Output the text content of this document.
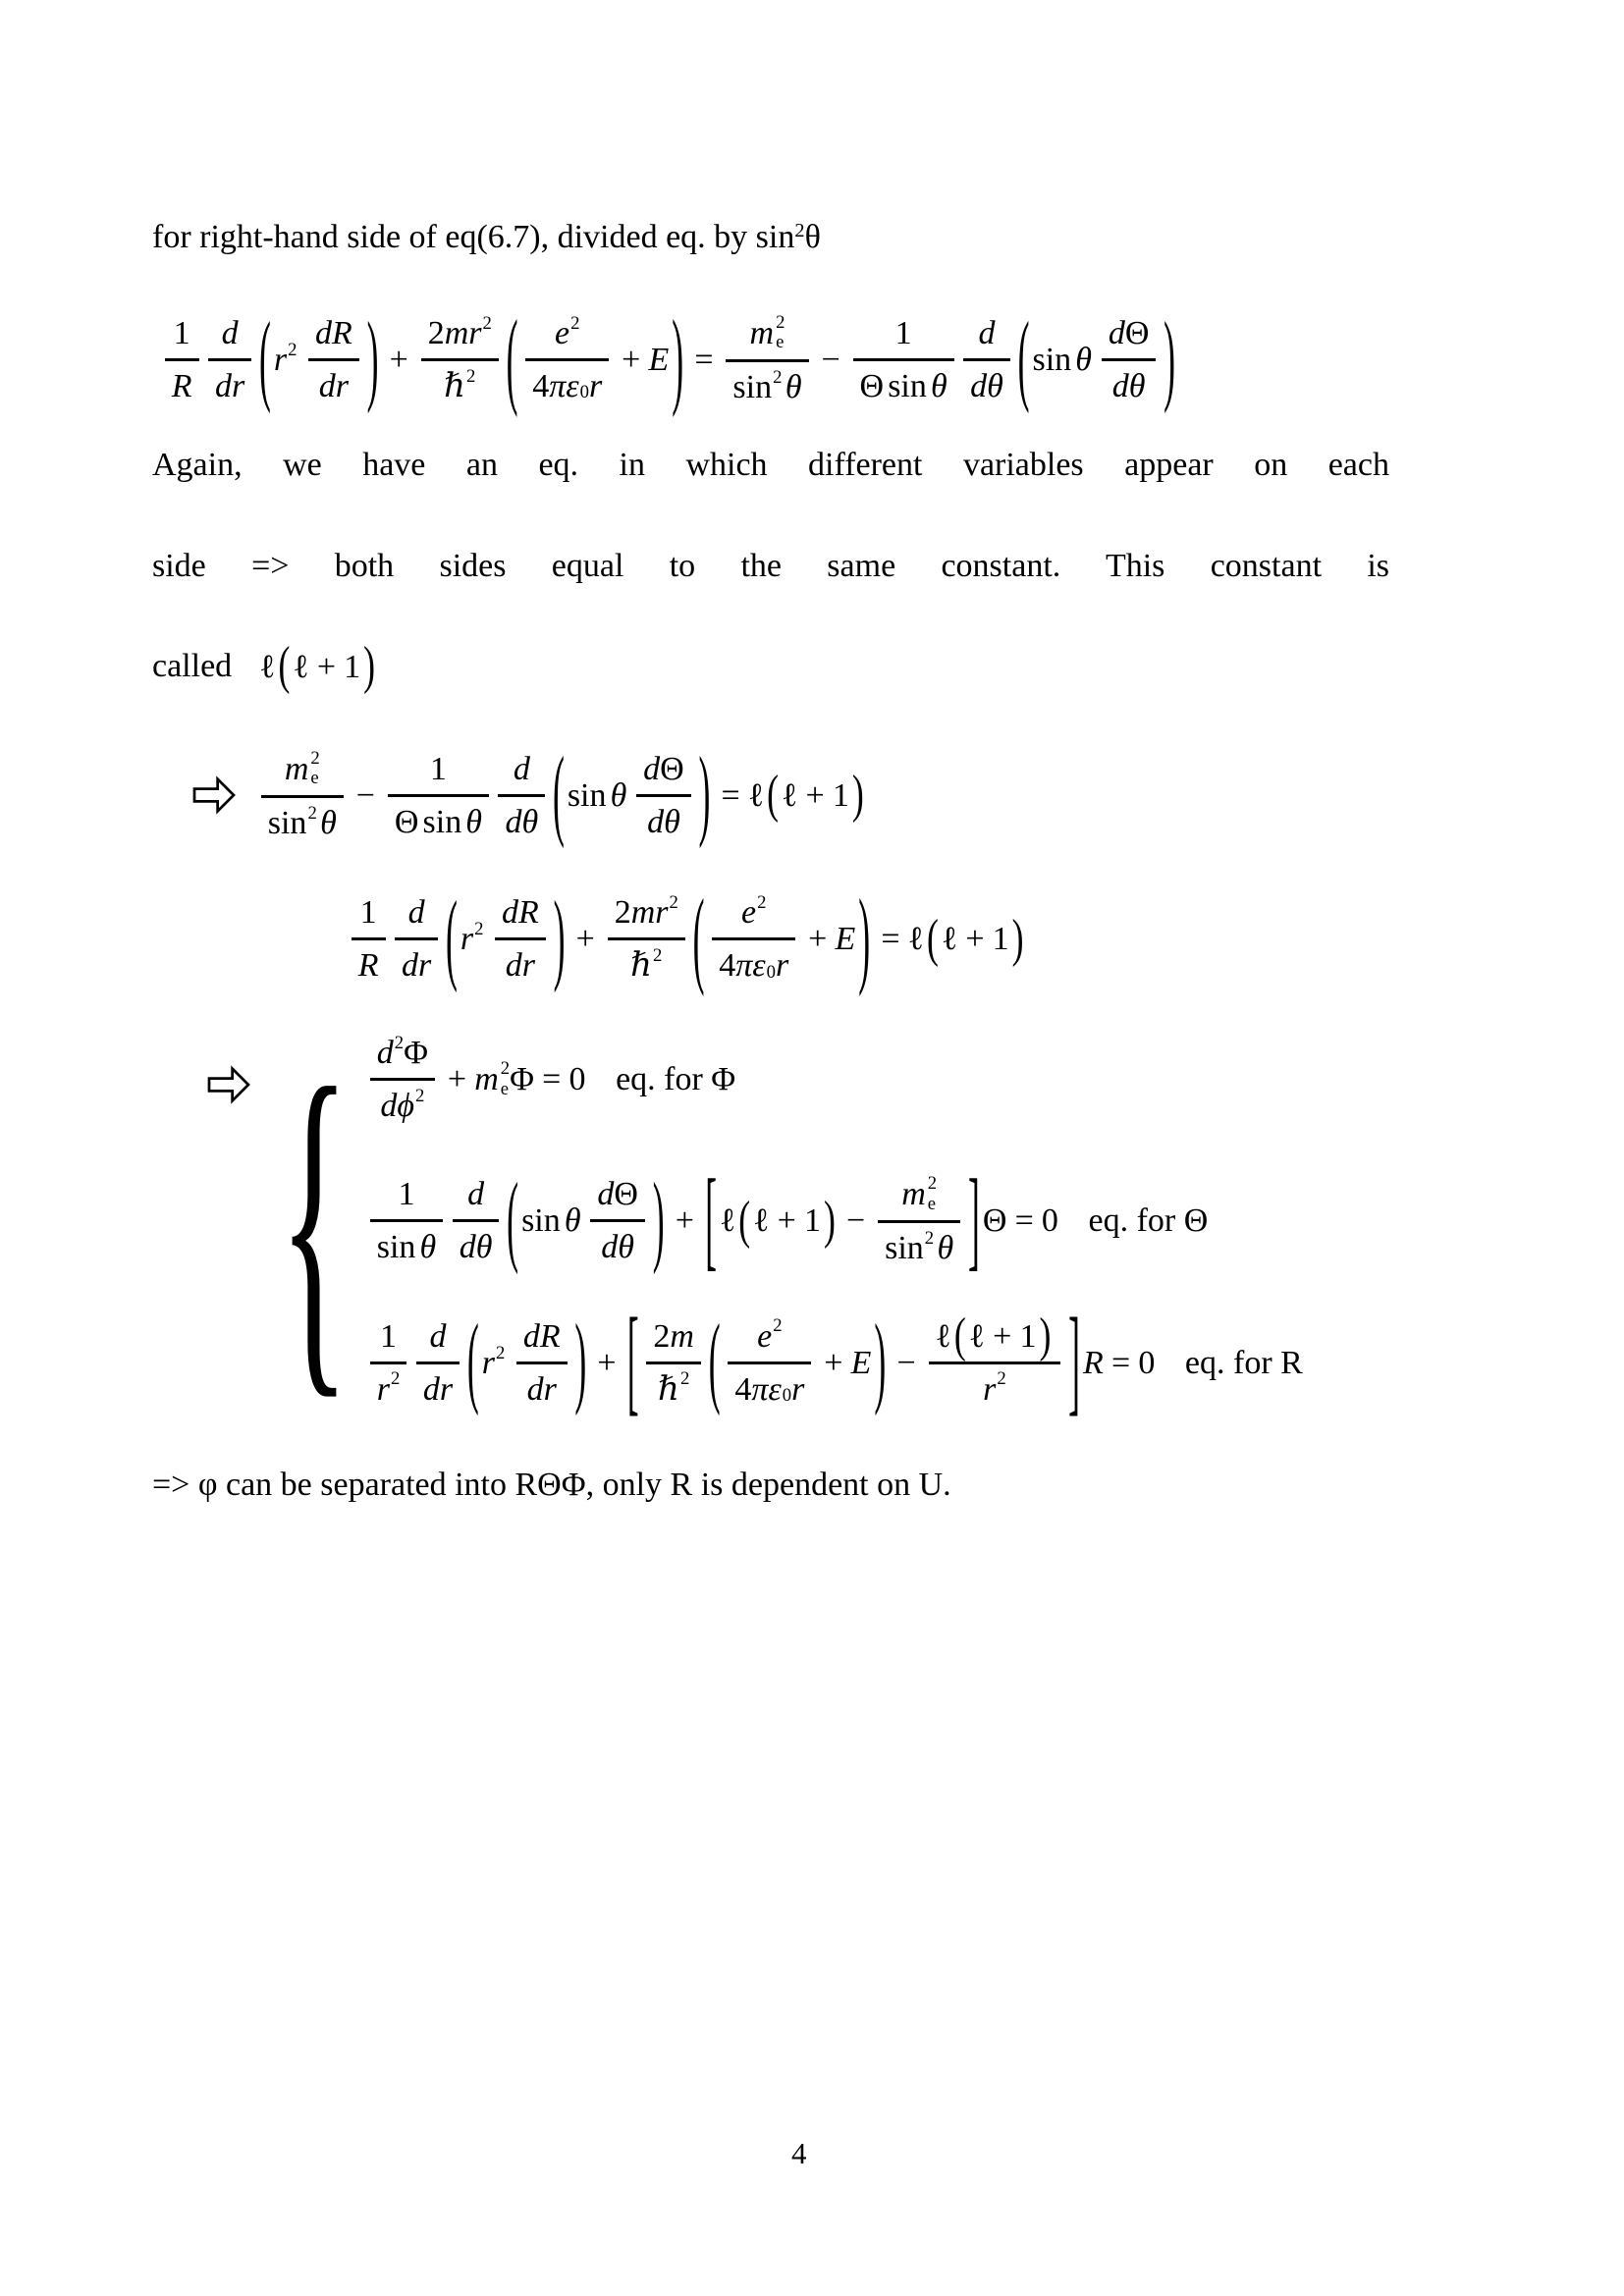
for right-hand side of eq(6.7), divided eq. by $\sin^2\theta$

1
R
d
dr ( r 2 dR
dr ) +
2 mr 2
ℏ 2 ( e 2
4 πε 0 r
+ E ) =
m 2
e
sin 2 θ
−
1
Θ sin θ
d
dθ ( sin θ
d Θ
dθ )

Again, we have an eq. in which different variables appear on each

side => both sides equal to the same constant. This constant is

called ℓ ( ℓ + 1 )
m 2
e
sin 2 θ
−
1
Θ sin θ
d
dθ ( sin θ
d Θ
dθ ) = ℓ ( ℓ + 1 )
1
R
d
dr ( r 2 dR
dr ) +
2 mr 2
ℏ 2 ( e 2
4 πε 0 r
+ E ) = ℓ ( ℓ + 1 )
{ d 2 Φ
d ϕ 2 + m 2
e Φ = 0 eq. for Φ
1
sin θ
d
dθ ( sin θ
d Θ
dθ ) + [ ℓ ( ℓ + 1 ) −
m 2
e
sin 2 θ ] Θ = 0 eq. for Θ
1
r 2
d
dr ( r 2 dR
dr ) + [ 2 m
ℏ 2 ( e 2
4 πε 0 r
+ E ) −
ℓ ( ℓ + 1 )
r 2 ] R = 0 eq. for R

=> φ can be separated into RΘΦ, only R is dependent on U.

4
